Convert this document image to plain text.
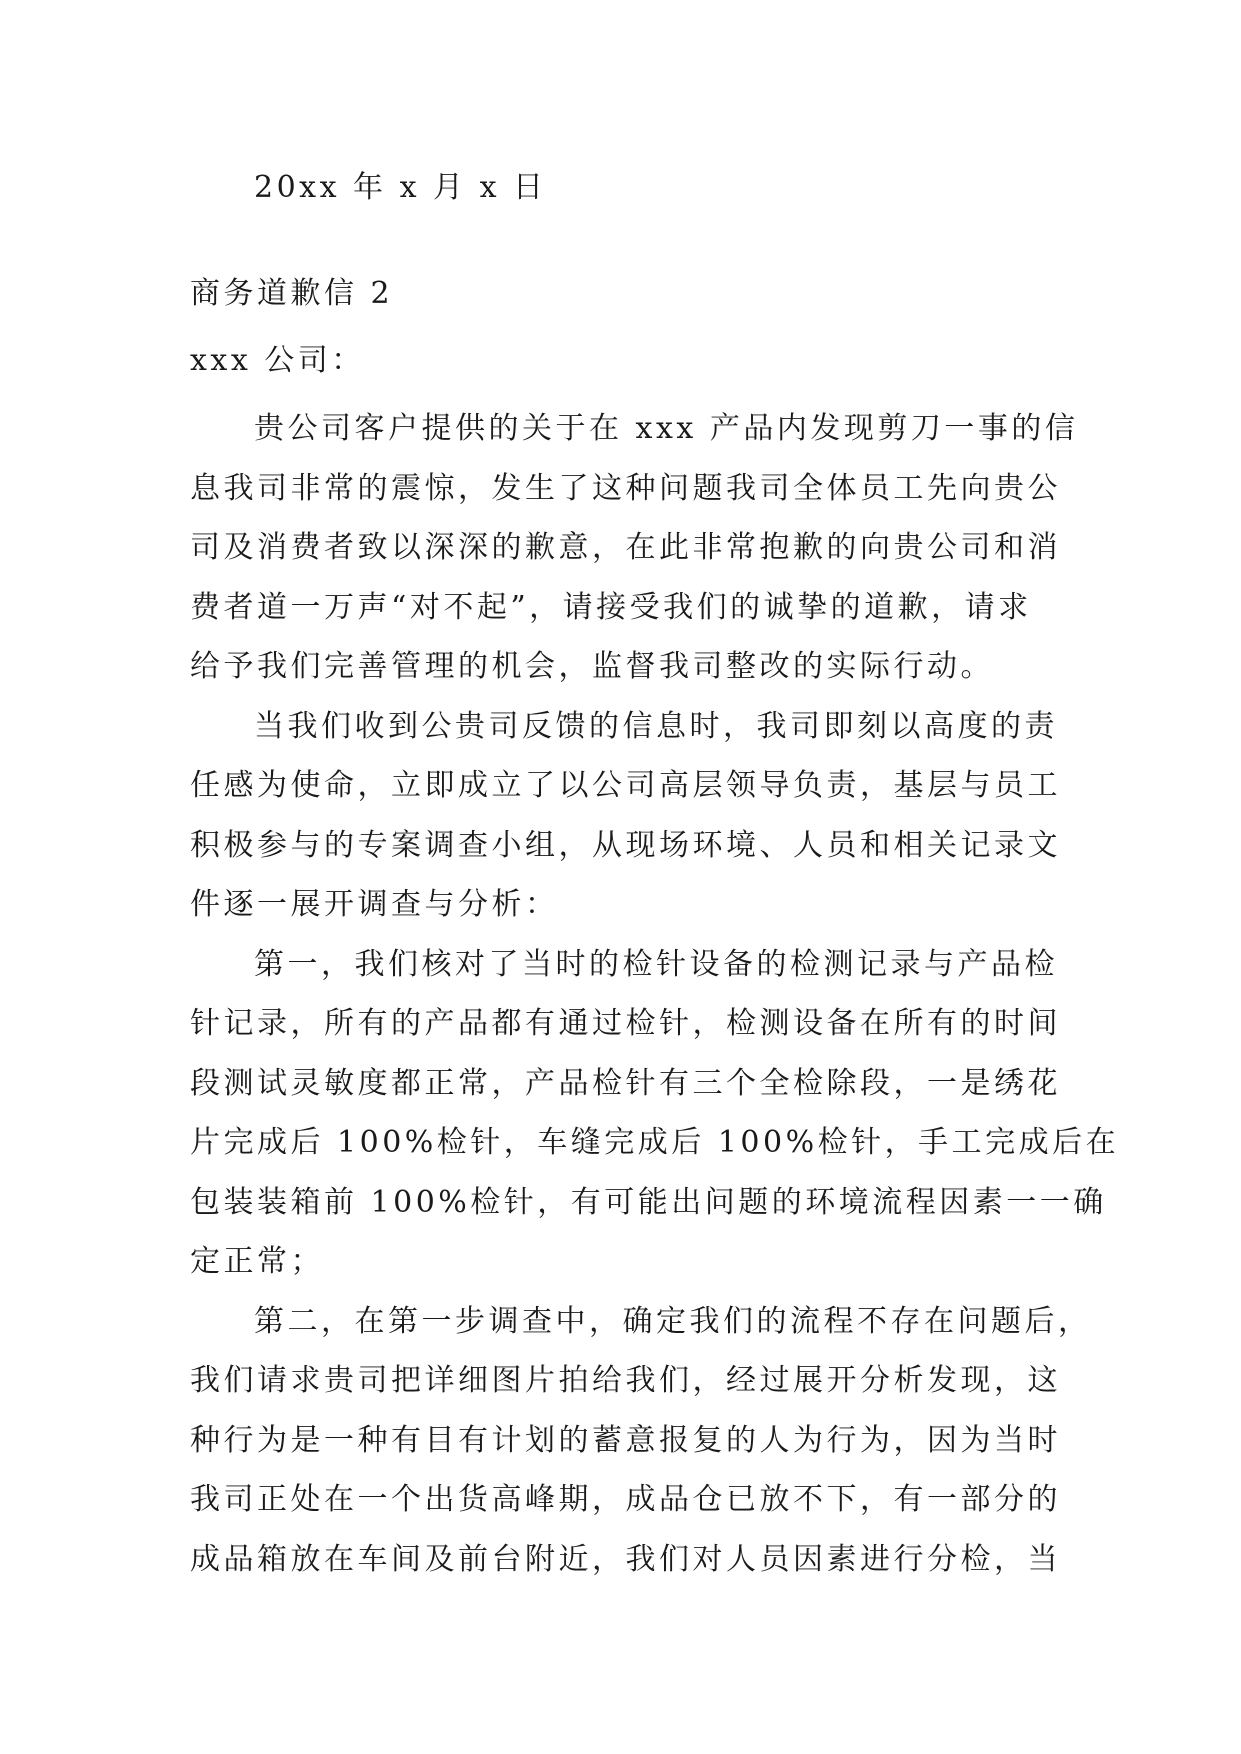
20xx 年 x 月 x 日
商务道歉信 2
xxx 公司：
贵公司客户提供的关于在 xxx 产品内发现剪刀一事的信
息我司非常的震惊，发生了这种问题我司全体员工先向贵公
司及消费者致以深深的歉意，在此非常抱歉的向贵公司和消
费者道一万声“对不起”，请接受我们的诚挚的道歉，请求
给予我们完善管理的机会，监督我司整改的实际行动。
当我们收到公贵司反馈的信息时，我司即刻以高度的责
任感为使命，立即成立了以公司高层领导负责，基层与员工
积极参与的专案调查小组，从现场环境、人员和相关记录文
件逐一展开调查与分析：
第一，我们核对了当时的检针设备的检测记录与产品检
针记录，所有的产品都有通过检针，检测设备在所有的时间
段测试灵敏度都正常，产品检针有三个全检除段，一是绣花
片完成后 100%检针，车缝完成后 100%检针，手工完成后在
包装装箱前 100%检针，有可能出问题的环境流程因素一一确
定正常；
第二，在第一步调查中，确定我们的流程不存在问题后，
我们请求贵司把详细图片拍给我们，经过展开分析发现，这
种行为是一种有目有计划的蓄意报复的人为行为，因为当时
我司正处在一个出货高峰期，成品仓已放不下，有一部分的
成品箱放在车间及前台附近，我们对人员因素进行分检，当
